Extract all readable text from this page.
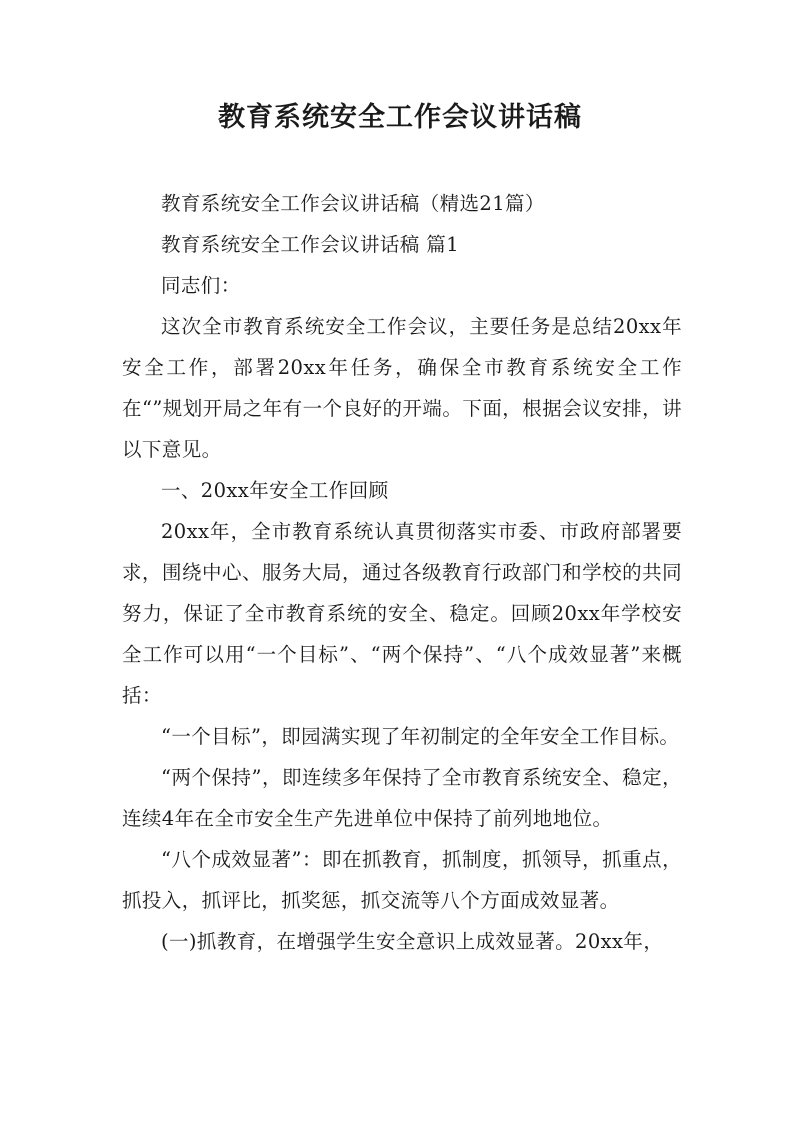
教育系统安全工作会议讲话稿

教育系统安全工作会议讲话稿（精选21篇）

教育系统安全工作会议讲话稿 篇1

同志们：

这次全市教育系统安全工作会议，主要任务是总结20xx年安全工作，部署20xx年任务，确保全市教育系统安全工作在“”规划开局之年有一个良好的开端。下面，根据会议安排，讲以下意见。

一、20xx年安全工作回顾

20xx年，全市教育系统认真贯彻落实市委、市政府部署要求，围绕中心、服务大局，通过各级教育行政部门和学校的共同努力，保证了全市教育系统的安全、稳定。回顾20xx年学校安全工作可以用“一个目标”、“两个保持”、“八个成效显著”来概括：

“一个目标”，即园满实现了年初制定的全年安全工作目标。

“两个保持”，即连续多年保持了全市教育系统安全、稳定，连续4年在全市安全生产先进单位中保持了前列地地位。

“八个成效显著”：即在抓教育，抓制度，抓领导，抓重点，抓投入，抓评比，抓奖惩，抓交流等八个方面成效显著。

(一)抓教育，在增强学生安全意识上成效显著。20xx年，
